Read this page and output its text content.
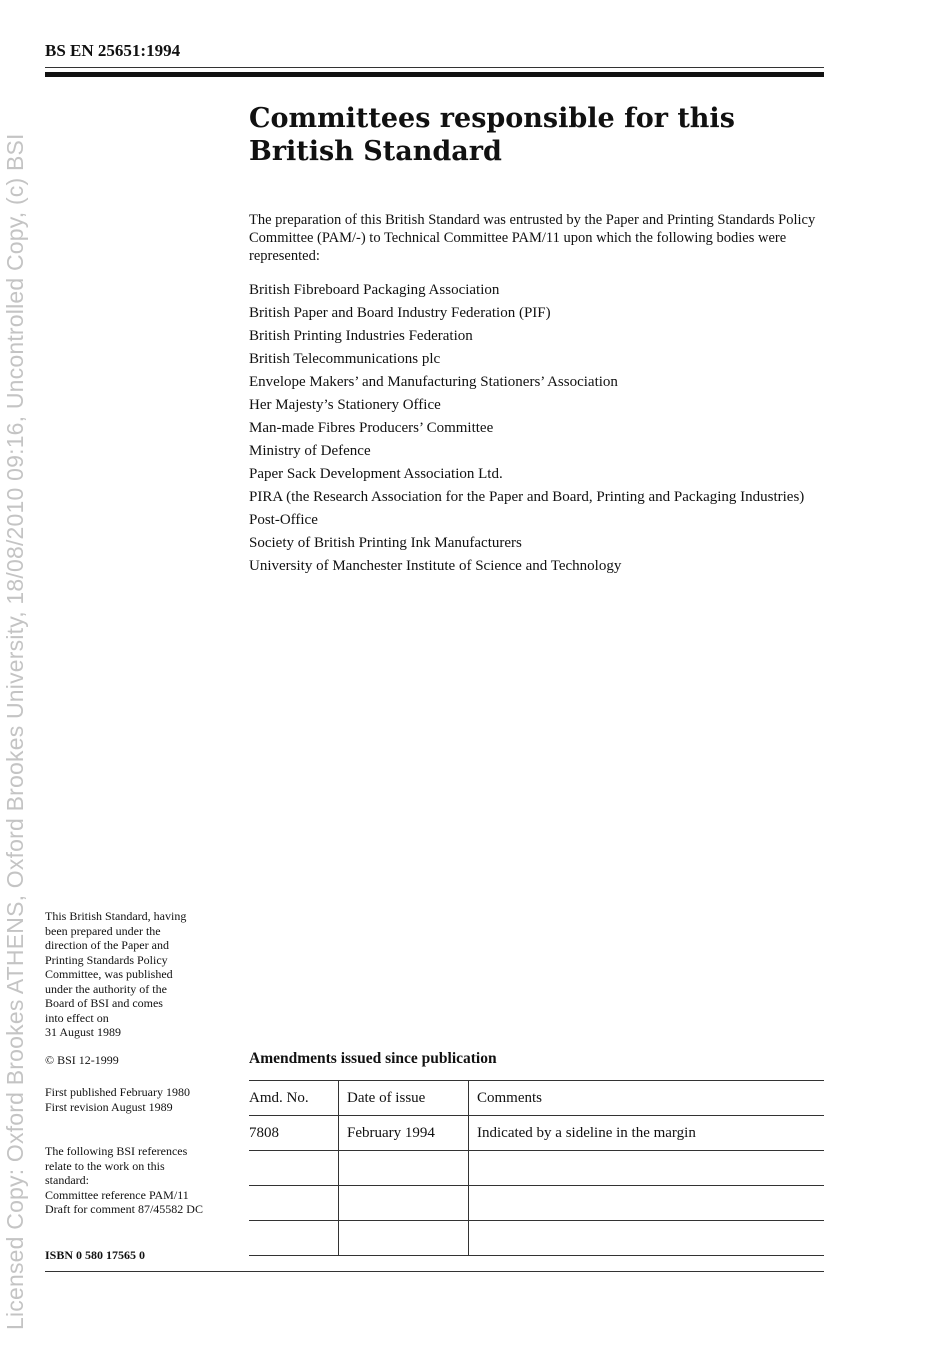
Licensed Copy: Oxford Brookes ATHENS, Oxford Brookes University, 18/08/2010 09:16, Uncontrolled Copy, (c) BSI
BS EN 25651:1994
Committees responsible for this
British Standard

The preparation of this British Standard was entrusted by the Paper and Printing Standards Policy Committee (PAM/-) to Technical Committee PAM/11 upon which the following bodies were represented:

British Fibreboard Packaging Association
British Paper and Board Industry Federation (PIF)
British Printing Industries Federation
British Telecommunications plc
Envelope Makers’ and Manufacturing Stationers’ Association
Her Majesty’s Stationery Office
Man-made Fibres Producers’ Committee
Ministry of Defence
Paper Sack Development Association Ltd.
PIRA (the Research Association for the Paper and Board, Printing and Packaging Industries)
Post-Office
Society of British Printing Ink Manufacturers
University of Manchester Institute of Science and Technology

This British Standard, having

been prepared under the

direction of the Paper and

Printing Standards Policy

Committee, was published

under the authority of the

Board of BSI and comes

into effect on

31 August 1989

© BSI 12-1999

First published February 1980

First revision August 1989

The following BSI references

relate to the work on this

standard:

Committee reference PAM/11

Draft for comment 87/45582 DC

ISBN 0 580 17565 0
Amendments issued since publication
Amd. No.	Date of issue	Comments
7808	February 1994	Indicated by a sideline in the margin
